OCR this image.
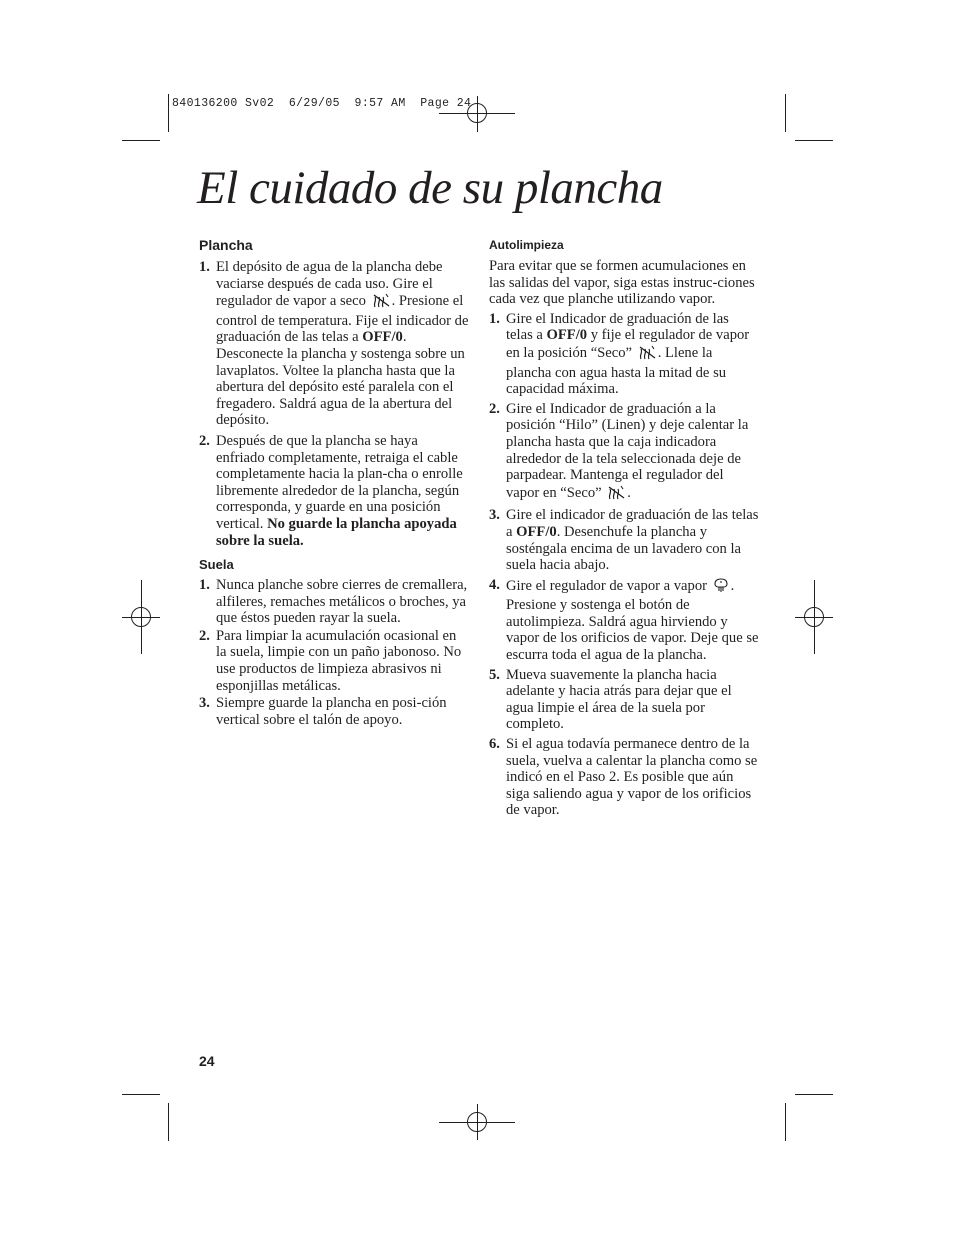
840136200 Sv02  6/29/05  9:57 AM  Page 24
El cuidado de su plancha
Plancha
1. El depósito de agua de la plancha debe vaciarse después de cada uso. Gire el regulador de vapor a seco . Presione el control de temperatura. Fije el indicador de graduación de las telas a OFF/0. Desconecte la plancha y sostenga sobre un lavaplatos. Voltee la plancha hasta que la abertura del depósito esté paralela con el fregadero. Saldrá agua de la abertura del depósito.
2. Después de que la plancha se haya enfriado completamente, retraiga el cable completamente hacia la plan-cha o enrolle libremente alrededor de la plancha, según corresponda, y guarde en una posición vertical. No guarde la plancha apoyada sobre la suela.
Suela
1. Nunca planche sobre cierres de cremallera, alfileres, remaches metálicos o broches, ya que éstos pueden rayar la suela.
2. Para limpiar la acumulación ocasional en la suela, limpie con un paño jabonoso. No use productos de limpieza abrasivos ni esponjillas metálicas.
3. Siempre guarde la plancha en posi-ción vertical sobre el talón de apoyo.
Autolimpieza
Para evitar que se formen acumulaciones en las salidas del vapor, siga estas instruc-ciones cada vez que planche utilizando vapor.
1. Gire el Indicador de graduación de las telas a OFF/0 y fije el regulador de vapor en la posición “Seco” . Llene la plancha con agua hasta la mitad de su capacidad máxima.
2. Gire el Indicador de graduación a la posición “Hilo” (Linen) y deje calentar la plancha hasta que la caja indicadora alrededor de la tela seleccionada deje de parpadear. Mantenga el regulador del vapor en “Seco” .
3. Gire el indicador de graduación de las telas a OFF/0. Desenchufe la plancha y sosténgala encima de un lavadero con la suela hacia abajo.
4. Gire el regulador de vapor a vapor . Presione y sostenga el botón de autolimpieza. Saldrá agua hirviendo y vapor de los orificios de vapor. Deje que se escurra toda el agua de la plancha.
5. Mueva suavemente la plancha hacia adelante y hacia atrás para dejar que el agua limpie el área de la suela por completo.
6. Si el agua todavía permanece dentro de la suela, vuelva a calentar la plancha como se indicó en el Paso 2. Es posible que aún siga saliendo agua y vapor de los orificios de vapor.
24
